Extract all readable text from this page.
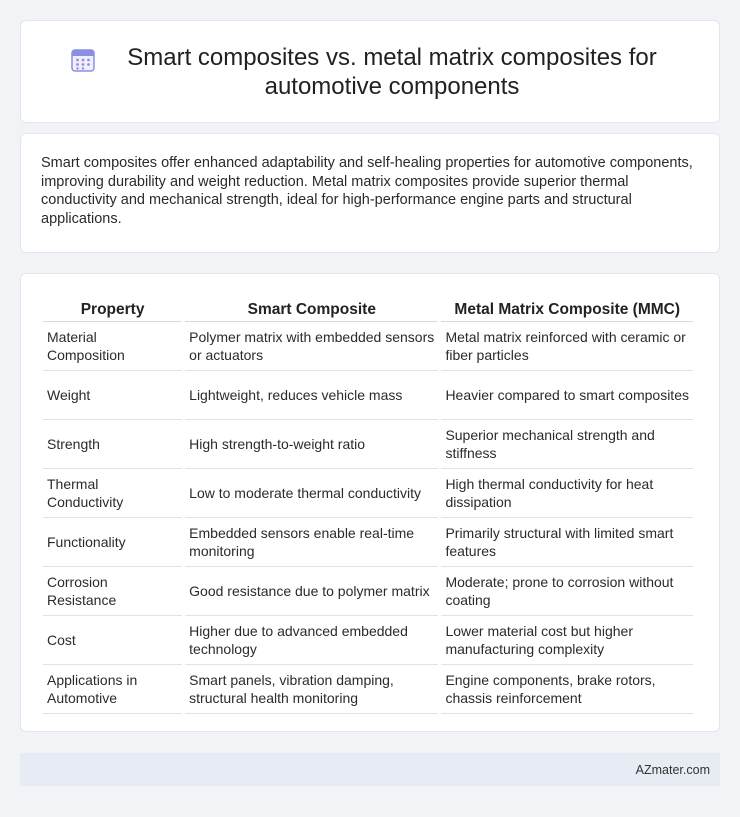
Smart composites vs. metal matrix composites for automotive components

Smart composites offer enhanced adaptability and self-healing properties for automotive components, improving durability and weight reduction. Metal matrix composites provide superior thermal conductivity and mechanical strength, ideal for high-performance engine parts and structural applications.

Property	Smart Composite	Metal Matrix Composite (MMC)
Material Composition	Polymer matrix with embedded sensors or actuators	Metal matrix reinforced with ceramic or fiber particles
Weight	Lightweight, reduces vehicle mass	Heavier compared to smart composites
Strength	High strength-to-weight ratio	Superior mechanical strength and stiffness
Thermal Conductivity	Low to moderate thermal conductivity	High thermal conductivity for heat dissipation
Functionality	Embedded sensors enable real-time monitoring	Primarily structural with limited smart features
Corrosion Resistance	Good resistance due to polymer matrix	Moderate; prone to corrosion without coating
Cost	Higher due to advanced embedded technology	Lower material cost but higher manufacturing complexity
Applications in Automotive	Smart panels, vibration damping, structural health monitoring	Engine components, brake rotors, chassis reinforcement
AZmater.com
